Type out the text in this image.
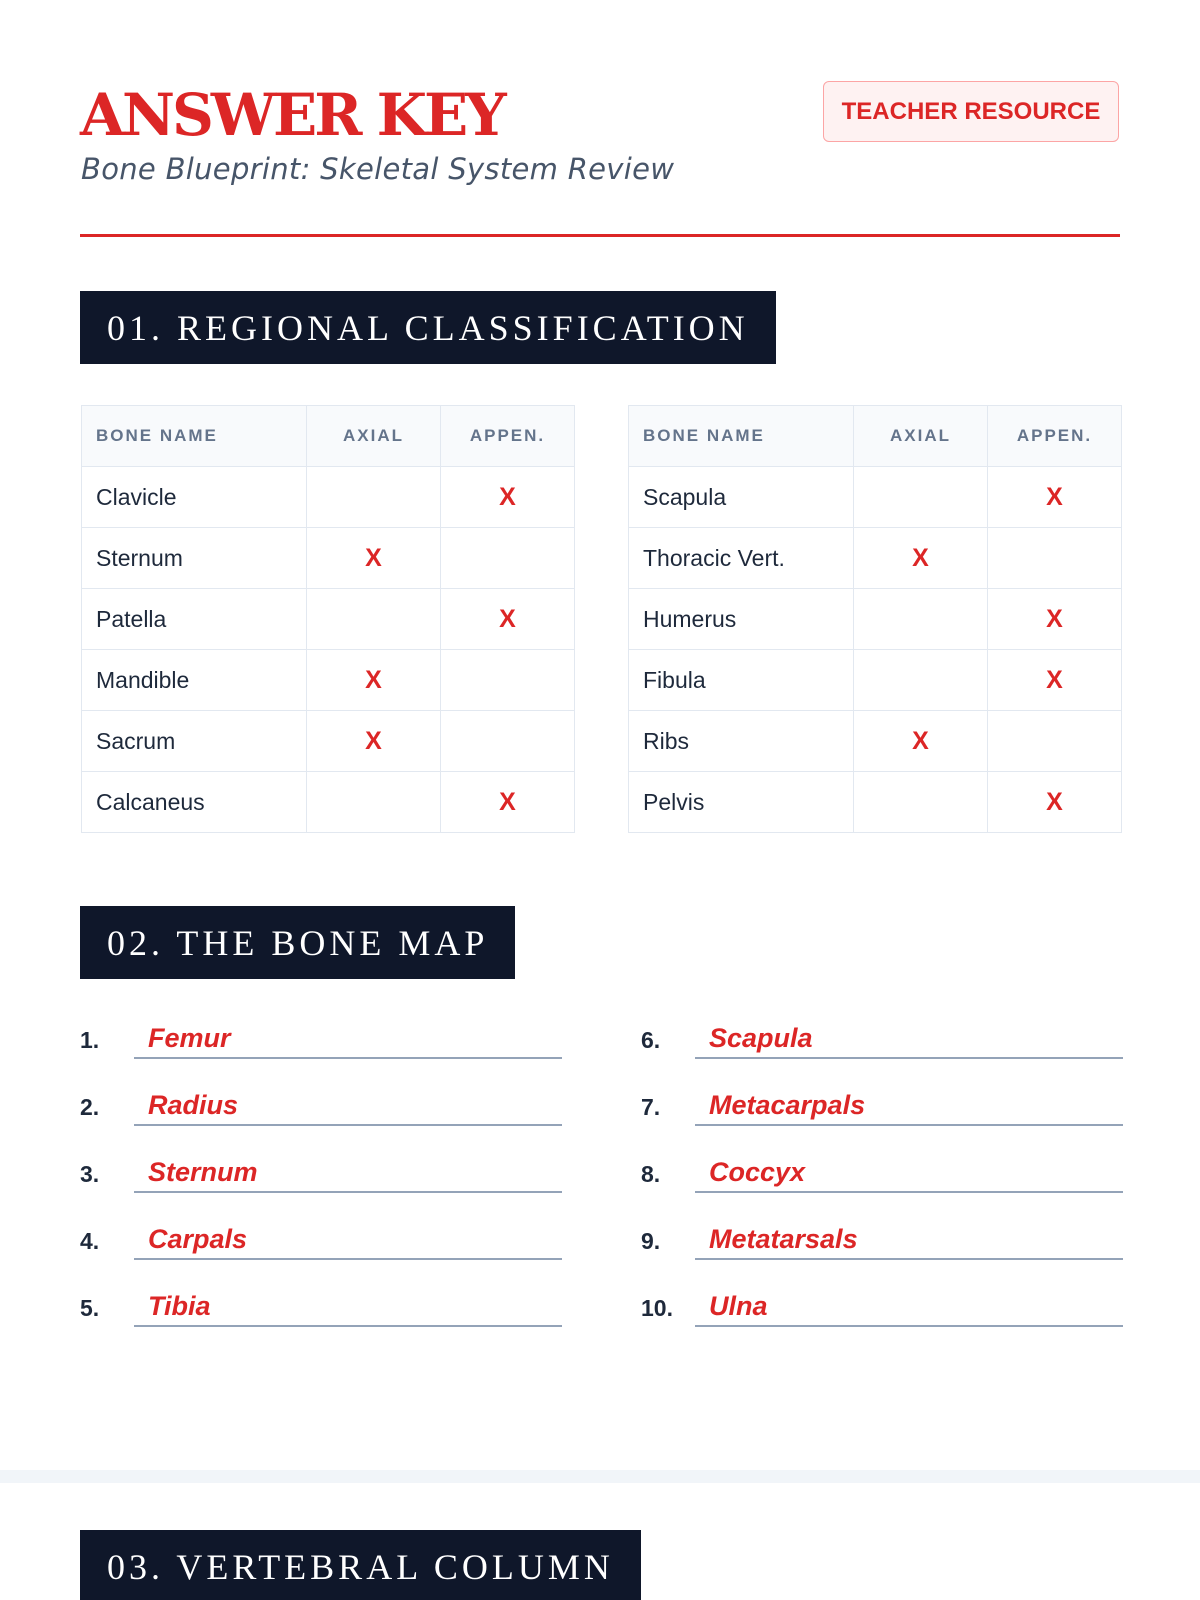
ANSWER KEY

Bone Blueprint: Skeletal System Review

TEACHER RESOURCE
01. REGIONAL CLASSIFICATION
BONE NAME	AXIAL	APPEN.
Clavicle		X
Sternum	X	
Patella		X
Mandible	X	
Sacrum	X	
Calcaneus		X
BONE NAME	AXIAL	APPEN.
Scapula		X
Thoracic Vert.	X	
Humerus		X
Fibula		X
Ribs	X	
Pelvis		X
02. THE BONE MAP
1. Femur
2. Radius
3. Sternum
4. Carpals
5. Tibia
6. Scapula
7. Metacarpals
8. Coccyx
9. Metatarsals
10. Ulna
03. VERTEBRAL COLUMN
